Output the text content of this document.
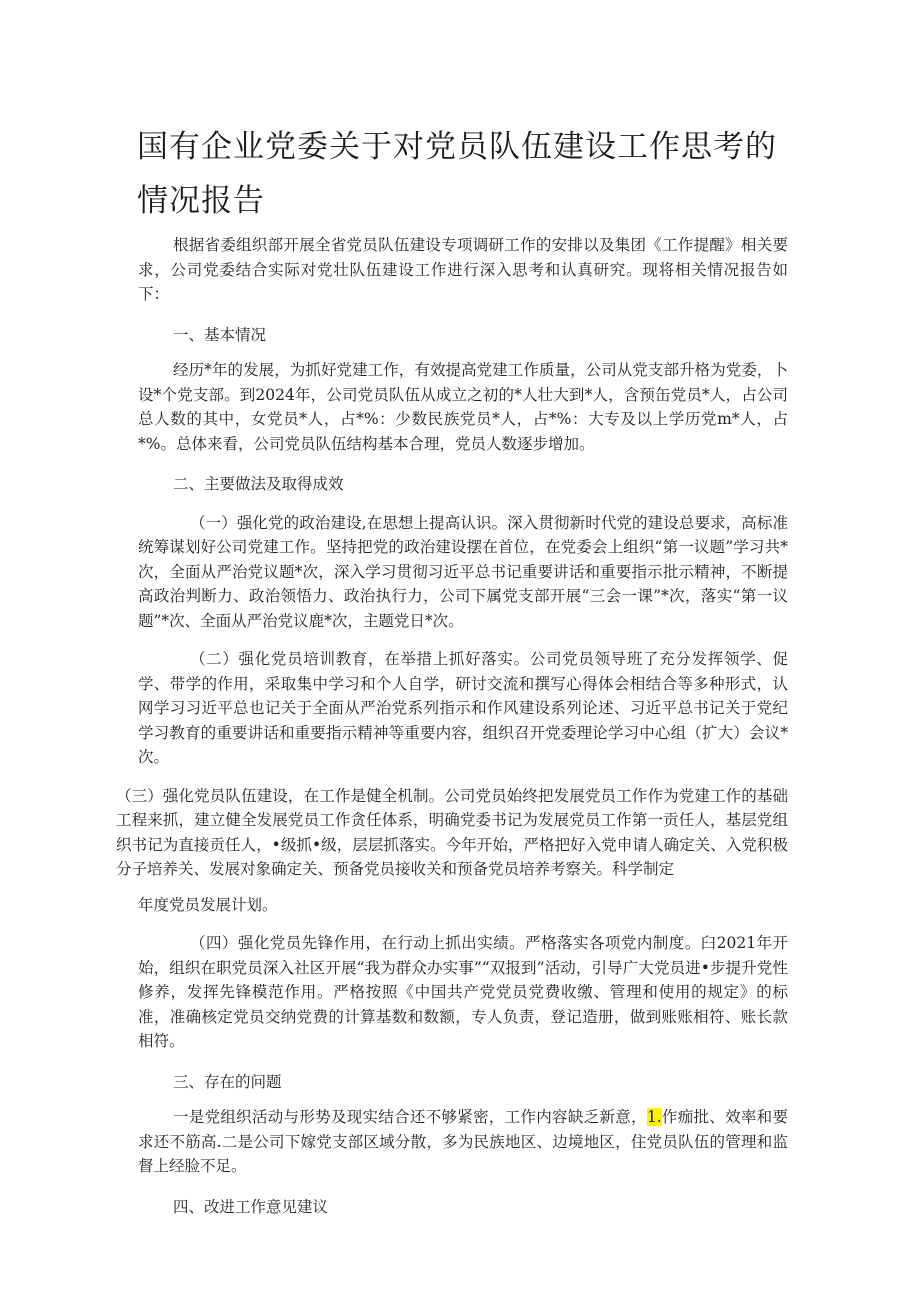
国有企业党委关于对党员队伍建设工作思考的情况报告

根据省委组织部开展全省党员队伍建设专项调研工作的安排以及集团《工作提醒》相关要求，公司党委结合实际对党壮队伍建设工作进行深入思考和认真研究。现将相关情况报告如下：

一、基本情况

经历*年的发展，为抓好党建工作，有效提高党建工作质量，公司从党支部升格为党委，卜设*个党支部。到2024年，公司党员队伍从成立之初的*人壮大到*人，含预缶党员*人，占公司总人数的其中，女党员*人，占*%：少数民族党员*人，占*%：大专及以上学历党m*人，占*%。总体来看，公司党员队伍结构基本合理，党员人数逐步增加。

二、主要做法及取得成效

（一）强化党的政治建设,在思想上提高认识。深入贯彻新时代党的建设总要求，高标准统筹谋划好公司党建工作。坚持把党的政治建设摆在首位，在党委会上组织“第一议题”学习共*次，全面从严治党议题*次，深入学习贯彻习近平总书记重要讲话和重要指示批示精神，不断提高政治判断力、政治领悟力、政治执行力，公司下属党支部开展“三会一课”*次，落实“第一议题”*次、全面从严治党议鹿*次，主题党日*次。

（二）强化党员培训教育，在举措上抓好落实。公司党员领导班了充分发挥领学、促学、带学的作用，采取集中学习和个人自学，研讨交流和撰写心得体会相结合等多种形式，认网学习习近平总也记关于全面从严治党系列指示和作风建设系列论述、习近平总书记关于党纪学习教育的重要讲话和重要指示精神等重要内容，组织召开党委理论学习中心组（扩大）会议*次。

（三）强化党员队伍建设，在工作是健全机制。公司党员始终把发展党员工作作为党建工作的基础工程来抓，建立健全发展党员工作贪任体系，明确党委书记为发展党员工作第一贡任人，基层党组织书记为直接贡任人，•级抓•级，层层抓落实。今年开始，严格把好入党申请人确定关、入党积极分子培养关、发展对象确定关、预备党员接收关和预备党员培养考察关。科学制定

年度党员发展计划。

（四）强化党员先锋作用，在行动上抓出实绩。严格落实各项党内制度。臼2021年开始，组织在职党员深入社区开展“我为群众办实事”“双报到”活动，引导广大党员进•步提升党性修养，发挥先锋模范作用。严格按照《中国共产党党员党费收缴、管理和使用的规定》的标准，准确核定党员交纳党费的计算基数和数额，专人负责，登记造册，做到账账相符、账长款相符。

三、存在的问题

一是党组织活动与形势及现实结合还不够紧密，工作内容缺乏新意，1.作痂批、效率和要求还不筋高.二是公司下嫁党支部区域分散，多为民族地区、边境地区，住党员队伍的管理和监督上经脸不足。

四、改进工作意见建议
